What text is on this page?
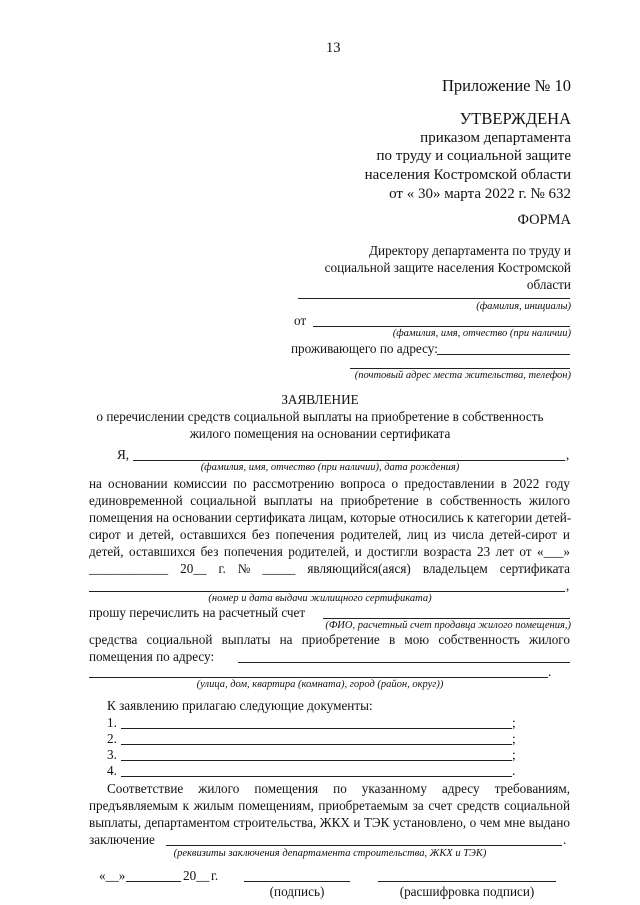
13
Приложение № 10
УТВЕРЖДЕНА
приказом департамента
по труду и социальной защите
населения Костромской области
от « 30» марта 2022 г. № 632
ФОРМА
Директору департамента по труду и
социальной защите населения Костромской
области
(фамилия, инициалы)
от
(фамилия, имя, отчество (при наличии)
проживающего по адресу:
(почтовый адрес места жительства, телефон)
ЗАЯВЛЕНИЕ
о перечислении средств социальной выплаты на приобретение в собственность
жилого помещения на основании сертификата
Я,	,
(фамилия, имя, отчество (при наличии), дата рождения)
на основании комиссии по рассмотрению вопроса о предоставлении в 2022 году
единовременной социальной выплаты на приобретение в собственность жилого
помещения на основании сертификата лицам, которые относились к категории детей-
сирот и детей, оставшихся без попечения родителей, лиц из числа детей-сирот и
детей, оставшихся без попечения родителей, и достигли возраста 23 лет от «___»
____________ 20__ г. № _____ являющийся(аяся) владельцем сертификата
,
(номер и дата выдачи жилищного сертификата)
прошу перечислить на расчетный счет
(ФИО, расчетный счет продавца жилого помещения,)
средства социальной выплаты на приобретение в мою собственность жилого
помещения по адресу:
.
(улица, дом, квартира (комната), город (район, округ))
К заявлению прилагаю следующие документы:
1.	;
2.	;
3.	;
4.	.
Соответствие жилого помещения по указанному адресу требованиям,
предъявляемым к жилым помещениям, приобретаемым за счет средств социальной
выплаты, департаментом строительства, ЖКХ и ТЭК установлено, о чем мне выдано
заключение	.
(реквизиты заключения департамента строительства, ЖКХ и ТЭК)
«__»	20__ г.
(подпись)	(расшифровка подписи)
